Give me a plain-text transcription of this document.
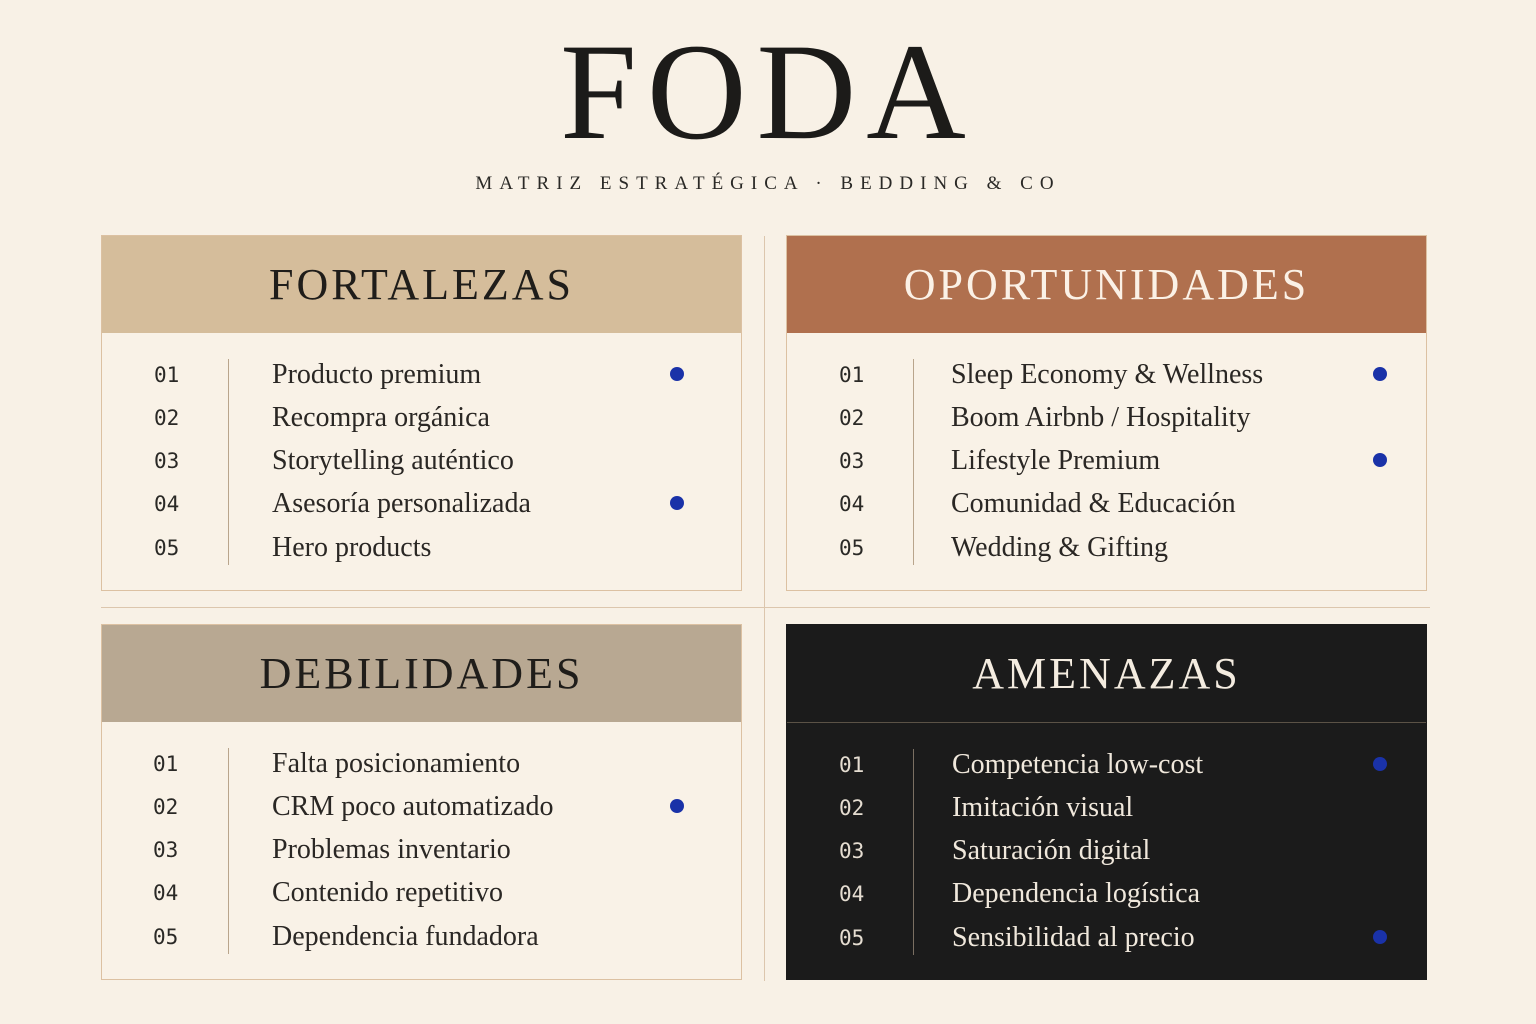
FODA
MATRIZ ESTRATÉGICA · BEDDING & CO
FORTALEZAS
01	Producto premium
02	Recompra orgánica
03	Storytelling auténtico
04	Asesoría personalizada
05	Hero products
OPORTUNIDADES
01	Sleep Economy & Wellness
02	Boom Airbnb / Hospitality
03	Lifestyle Premium
04	Comunidad & Educación
05	Wedding & Gifting
DEBILIDADES
01	Falta posicionamiento
02	CRM poco automatizado
03	Problemas inventario
04	Contenido repetitivo
05	Dependencia fundadora
AMENAZAS
01	Competencia low-cost
02	Imitación visual
03	Saturación digital
04	Dependencia logística
05	Sensibilidad al precio
